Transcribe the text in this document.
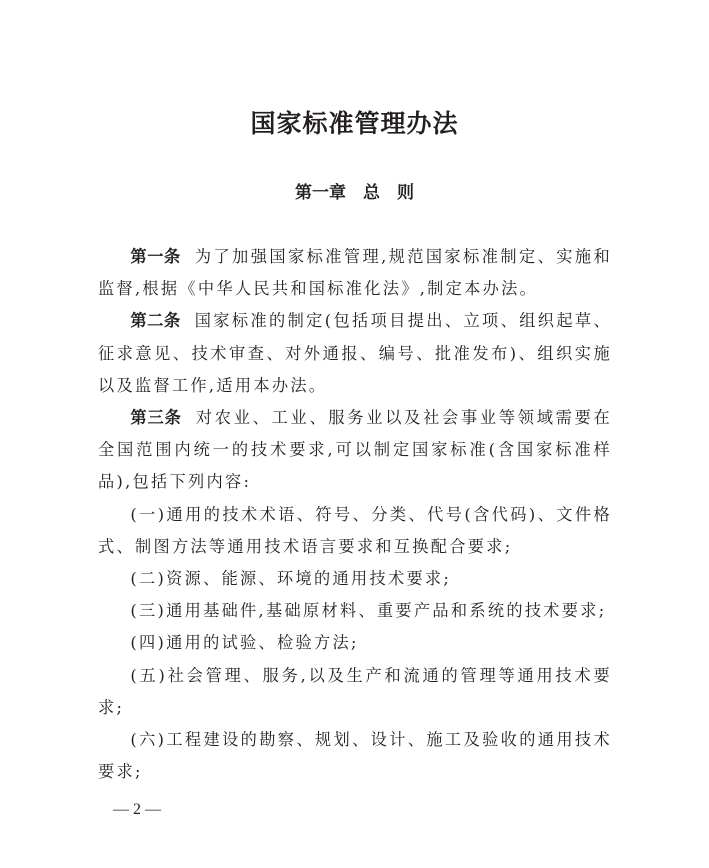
国家标准管理办法
第一章　总　则

第一条 为了加强国家标准管理,规范国家标准制定、实施和监督,根据《中华人民共和国标准化法》,制定本办法。

第二条 国家标准的制定(包括项目提出、立项、组织起草、征求意见、技术审查、对外通报、编号、批准发布)、组织实施以及监督工作,适用本办法。

第三条 对农业、工业、服务业以及社会事业等领域需要在全国范围内统一的技术要求,可以制定国家标准(含国家标准样品),包括下列内容:

(一)通用的技术术语、符号、分类、代号(含代码)、文件格式、制图方法等通用技术语言要求和互换配合要求;

(二)资源、能源、环境的通用技术要求;

(三)通用基础件,基础原材料、重要产品和系统的技术要求;

(四)通用的试验、检验方法;

(五)社会管理、服务,以及生产和流通的管理等通用技术要求;

(六)工程建设的勘察、规划、设计、施工及验收的通用技术要求;

— 2 —
